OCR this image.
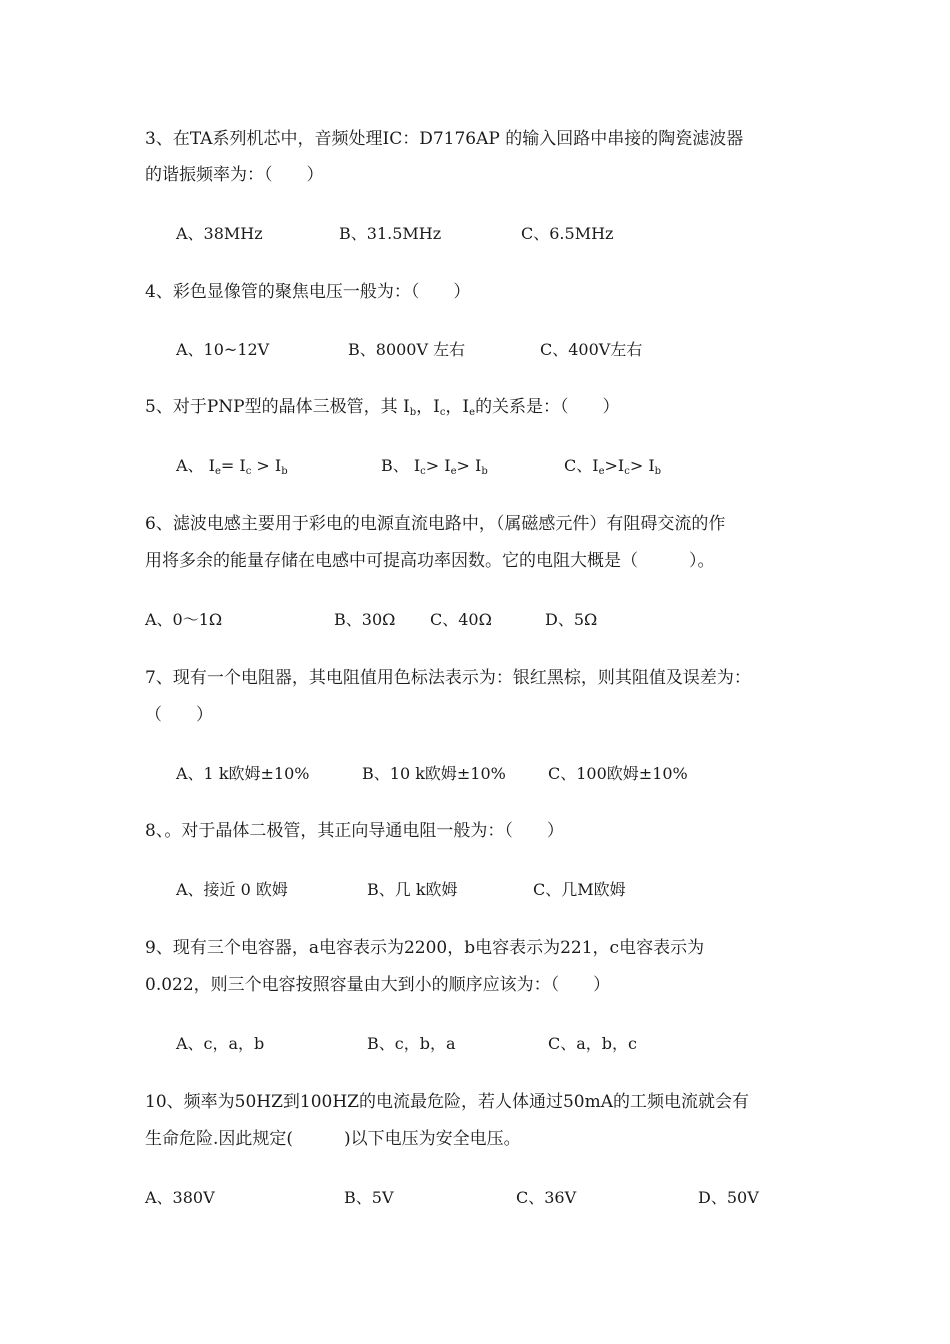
3、在TA系列机芯中，音频处理IC：D7176AP 的输入回路中串接的陶瓷滤波器
的谐振频率为：（　　）
A、38MHz	B、31.5MHz	C、6.5MHz
4、彩色显像管的聚焦电压一般为：（　　）
A、10~12V	B、8000V 左右	C、400V左右
5、对于PNP型的晶体三极管，其 $I_b$，$I_c$，$I_e$的关系是：（　　）
A、 $I_e= I_c > I_b$	B、 $I_c> I_e> I_b$	C、$I_e>I_c> I_b$
6、滤波电感主要用于彩电的电源直流电路中，（属磁感元件）有阻碍交流的作
用将多余的能量存储在电感中可提高功率因数。它的电阻大概是（　　　）。
A、0～1Ω	B、30Ω C、40Ω	D、5Ω
7、现有一个电阻器，其电阻值用色标法表示为：银红黑棕，则其阻值及误差为：
（　　）
A、1 k欧姆±10%	B、10 k欧姆±10%	C、100欧姆±10%
8、。对于晶体二极管，其正向导通电阻一般为：（　　）
A、接近 0 欧姆	B、几 k欧姆	C、几M欧姆
9、现有三个电容器，a电容表示为2200，b电容表示为221，c电容表示为
0.022，则三个电容按照容量由大到小的顺序应该为：（　　）
A、c，a，b	B、c，b，a	C、a，b，c
10、频率为50HZ到100HZ的电流最危险，若人体通过50mA的工频电流就会有
生命危险.因此规定(　　　)以下电压为安全电压。
A、380V	B、5V	C、36V	D、50V
